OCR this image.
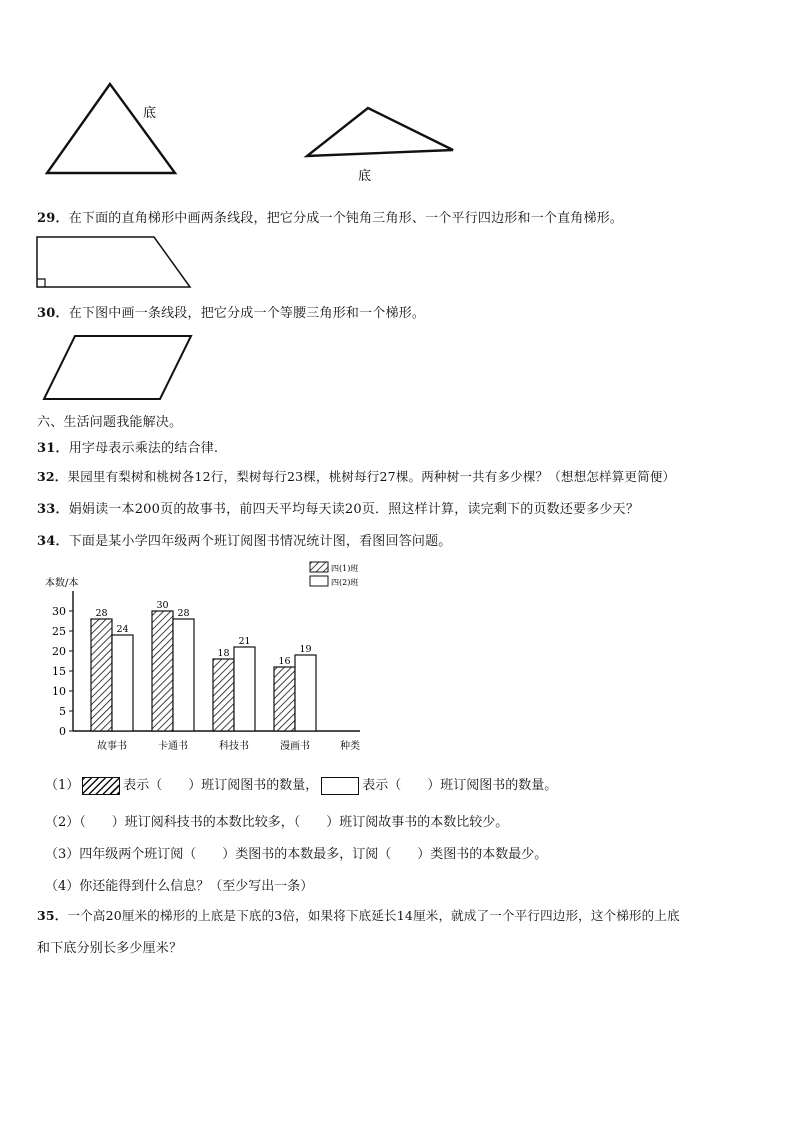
底
底
29．在下面的直角梯形中画两条线段，把它分成一个钝角三角形、一个平行四边形和一个直角梯形。
30．在下图中画一条线段，把它分成一个等腰三角形和一个梯形。
六、生活问题我能解决。
31．用字母表示乘法的结合律.
32．果园里有梨树和桃树各12行，梨树每行23棵，桃树每行27棵。两种树一共有多少棵？（想想怎样算更简便）
33．娟娟读一本200页的故事书，前四天平均每天读20页．照这样计算，读完剩下的页数还要多少天？
34．下面是某小学四年级两个班订阅图书情况统计图，看图回答问题。
本数/本
种类
0
5
10
15
20
25
30	28
24
故事书
30
28
卡通书
18
21
科技书
16
19
漫画书
四(1)班
四(2)班
（1）	表示（　　）班订阅图书的数量，	表示（　　）班订阅图书的数量。
（2）（　　）班订阅科技书的本数比较多，（　　）班订阅故事书的本数比较少。
（3）四年级两个班订阅（　　）类图书的本数最多，订阅（　　）类图书的本数最少。
（4）你还能得到什么信息？（至少写出一条）
35．一个高20厘米的梯形的上底是下底的3倍，如果将下底延长14厘米，就成了一个平行四边形，这个梯形的上底
和下底分别长多少厘米？
